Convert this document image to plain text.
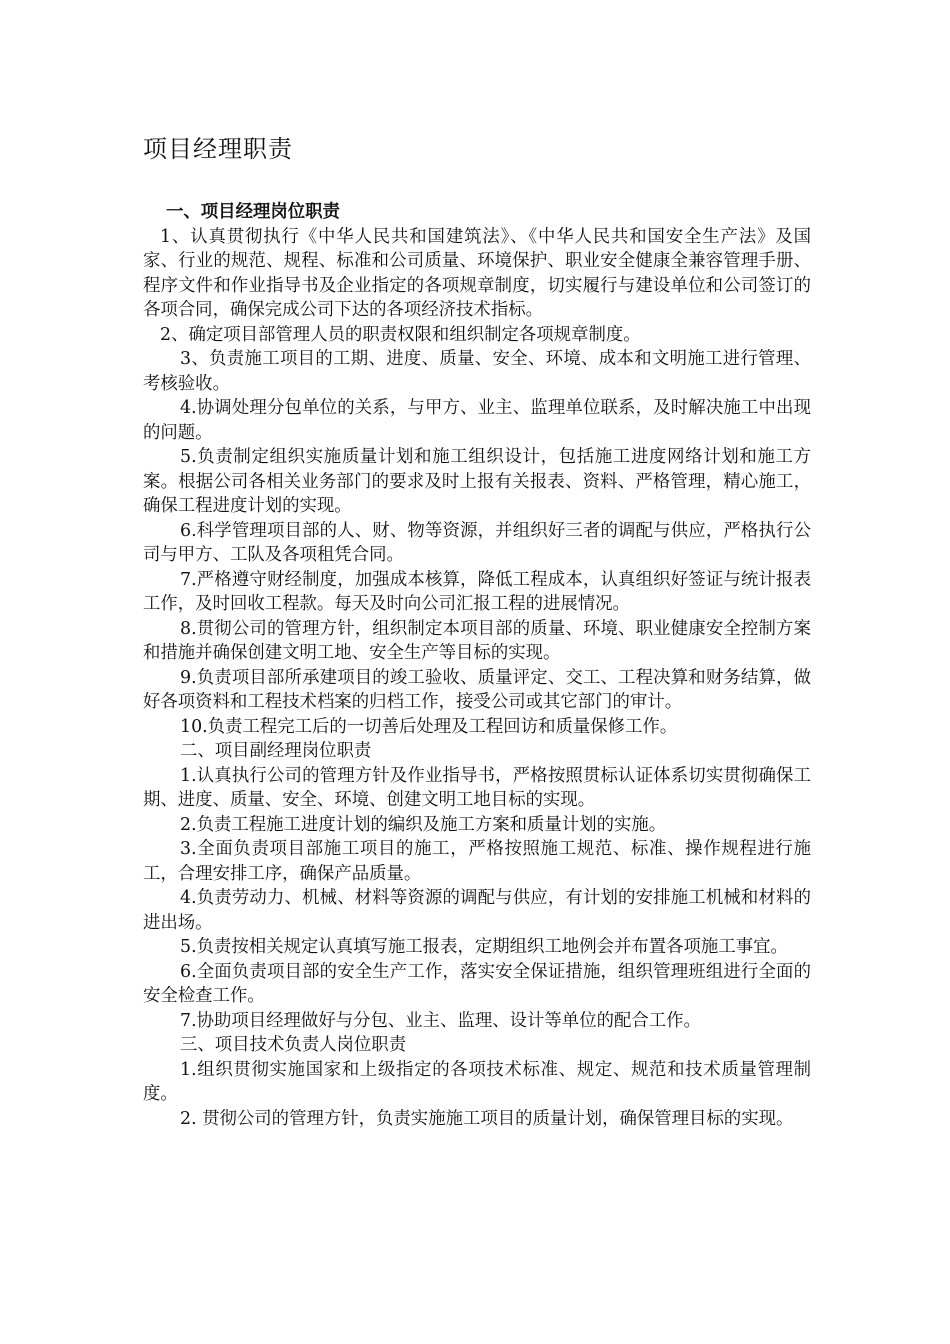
项目经理职责

一、项目经理岗位职责

1、认真贯彻执行《中华人民共和国建筑法》、《中华人民共和国安全生产法》及国家、行业的规范、规程、标准和公司质量、环境保护、职业安全健康全兼容管理手册、程序文件和作业指导书及企业指定的各项规章制度，切实履行与建设单位和公司签订的各项合同，确保完成公司下达的各项经济技术指标。

2、确定项目部管理人员的职责权限和组织制定各项规章制度。

3、负责施工项目的工期、进度、质量、安全、环境、成本和文明施工进行管理、考核验收。

4.协调处理分包单位的关系，与甲方、业主、监理单位联系，及时解决施工中出现的问题。

5.负责制定组织实施质量计划和施工组织设计，包括施工进度网络计划和施工方案。根据公司各相关业务部门的要求及时上报有关报表、资料、严格管理，精心施工，确保工程进度计划的实现。

6.科学管理项目部的人、财、物等资源，并组织好三者的调配与供应，严格执行公司与甲方、工队及各项租凭合同。

7.严格遵守财经制度，加强成本核算，降低工程成本，认真组织好签证与统计报表工作，及时回收工程款。每天及时向公司汇报工程的进展情况。

8.贯彻公司的管理方针，组织制定本项目部的质量、环境、职业健康安全控制方案和措施并确保创建文明工地、安全生产等目标的实现。

9.负责项目部所承建项目的竣工验收、质量评定、交工、工程决算和财务结算，做好各项资料和工程技术档案的归档工作，接受公司或其它部门的审计。

10.负责工程完工后的一切善后处理及工程回访和质量保修工作。

二、项目副经理岗位职责

1.认真执行公司的管理方针及作业指导书，严格按照贯标认证体系切实贯彻确保工期、进度、质量、安全、环境、创建文明工地目标的实现。

2.负责工程施工进度计划的编织及施工方案和质量计划的实施。

3.全面负责项目部施工项目的施工，严格按照施工规范、标准、操作规程进行施工，合理安排工序，确保产品质量。

4.负责劳动力、机械、材料等资源的调配与供应，有计划的安排施工机械和材料的进出场。

5.负责按相关规定认真填写施工报表，定期组织工地例会并布置各项施工事宜。

6.全面负责项目部的安全生产工作，落实安全保证措施，组织管理班组进行全面的安全检查工作。

7.协助项目经理做好与分包、业主、监理、设计等单位的配合工作。

三、项目技术负责人岗位职责

1.组织贯彻实施国家和上级指定的各项技术标准、规定、规范和技术质量管理制度。

2. 贯彻公司的管理方针，负责实施施工项目的质量计划，确保管理目标的实现。
